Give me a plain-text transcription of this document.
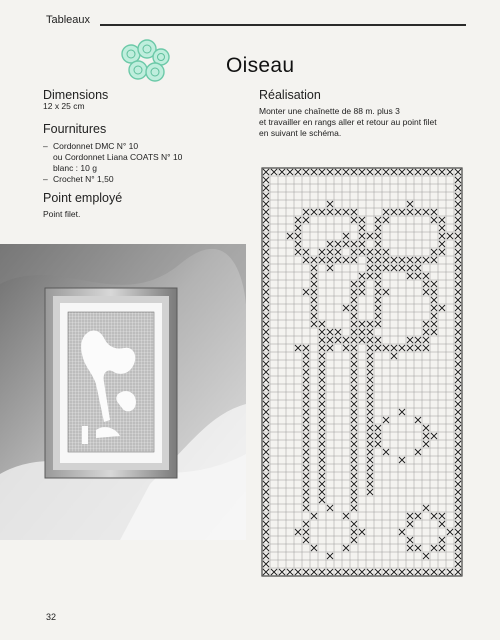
Tableaux
Oiseau
Dimensions
12 x 25 cm
Fournitures
– Cordonnet DMC N° 10
ou Cordonnet Liana COATS N° 10
blanc : 10 g
– Crochet N° 1,50
Point employé
Point filet.
Réalisation
Monter une chaînette de 88 m. plus 3
et travailler en rangs aller et retour au point filet
en suivant le schéma.
32
